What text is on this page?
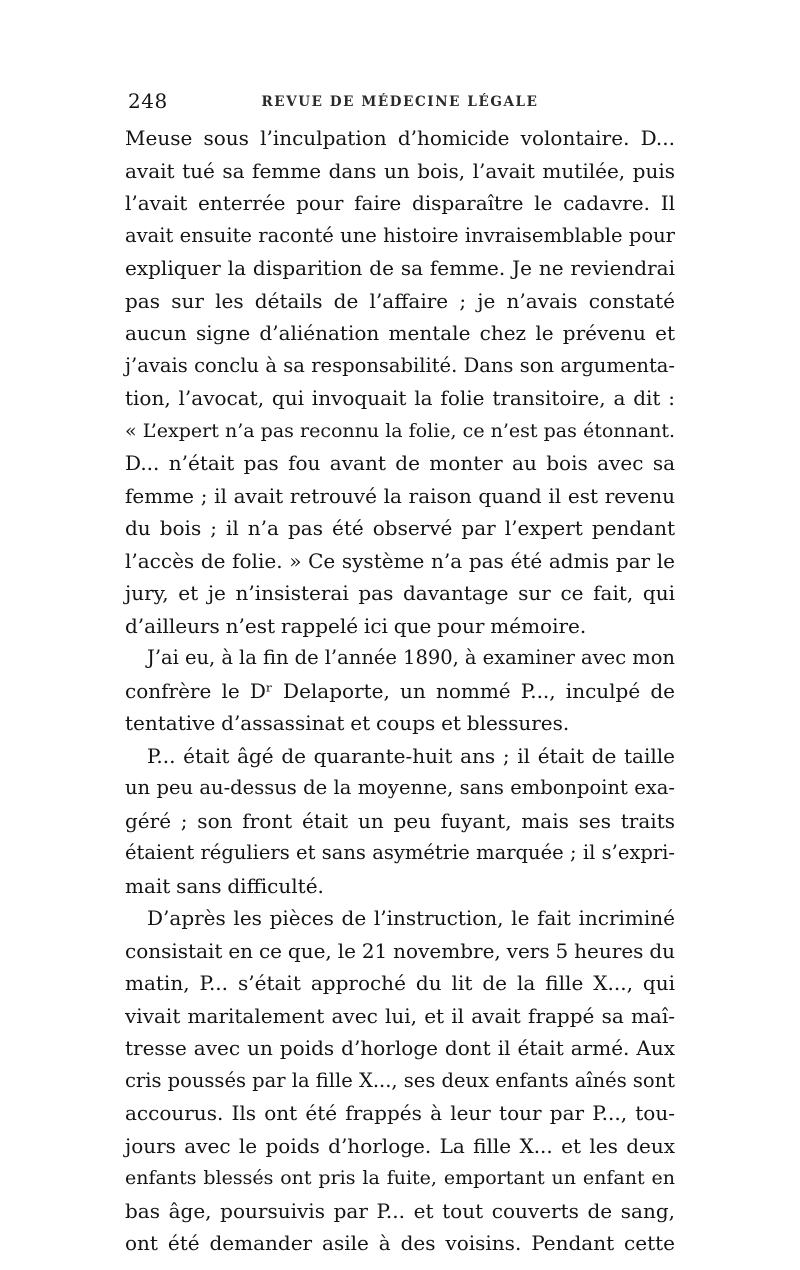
248	REVUE DE MÉDECINE LÉGALE
Meuse sous l’inculpation d’homicide volontaire. D...
avait tué sa femme dans un bois, l’avait mutilée, puis
l’avait enterrée pour faire disparaître le cadavre. Il
avait ensuite raconté une histoire invraisemblable pour
expliquer la disparition de sa femme. Je ne reviendrai
pas sur les détails de l’affaire ; je n’avais constaté
aucun signe d’aliénation mentale chez le prévenu et
j’avais conclu à sa responsabilité. Dans son argumenta-
tion, l’avocat, qui invoquait la folie transitoire, a dit :
« L’expert n’a pas reconnu la folie, ce n’est pas étonnant.
D... n’était pas fou avant de monter au bois avec sa
femme ; il avait retrouvé la raison quand il est revenu
du bois ; il n’a pas été observé par l’expert pendant
l’accès de folie. » Ce système n’a pas été admis par le
jury, et je n’insisterai pas davantage sur ce fait, qui
d’ailleurs n’est rappelé ici que pour mémoire.
J’ai eu, à la fin de l’année 1890, à examiner avec mon
confrère le Dʳ Delaporte, un nommé P..., inculpé de
tentative d’assassinat et coups et blessures.
P... était âgé de quarante-huit ans ; il était de taille
un peu au-dessus de la moyenne, sans embonpoint exa-
géré ; son front était un peu fuyant, mais ses traits
étaient réguliers et sans asymétrie marquée ; il s’expri-
mait sans difficulté.
D’après les pièces de l’instruction, le fait incriminé
consistait en ce que, le 21 novembre, vers 5 heures du
matin, P... s’était approché du lit de la fille X..., qui
vivait maritalement avec lui, et il avait frappé sa maî-
tresse avec un poids d’horloge dont il était armé. Aux
cris poussés par la fille X..., ses deux enfants aînés sont
accourus. Ils ont été frappés à leur tour par P..., tou-
jours avec le poids d’horloge. La fille X... et les deux
enfants blessés ont pris la fuite, emportant un enfant en
bas âge, poursuivis par P... et tout couverts de sang,
ont été demander asile à des voisins. Pendant cette
